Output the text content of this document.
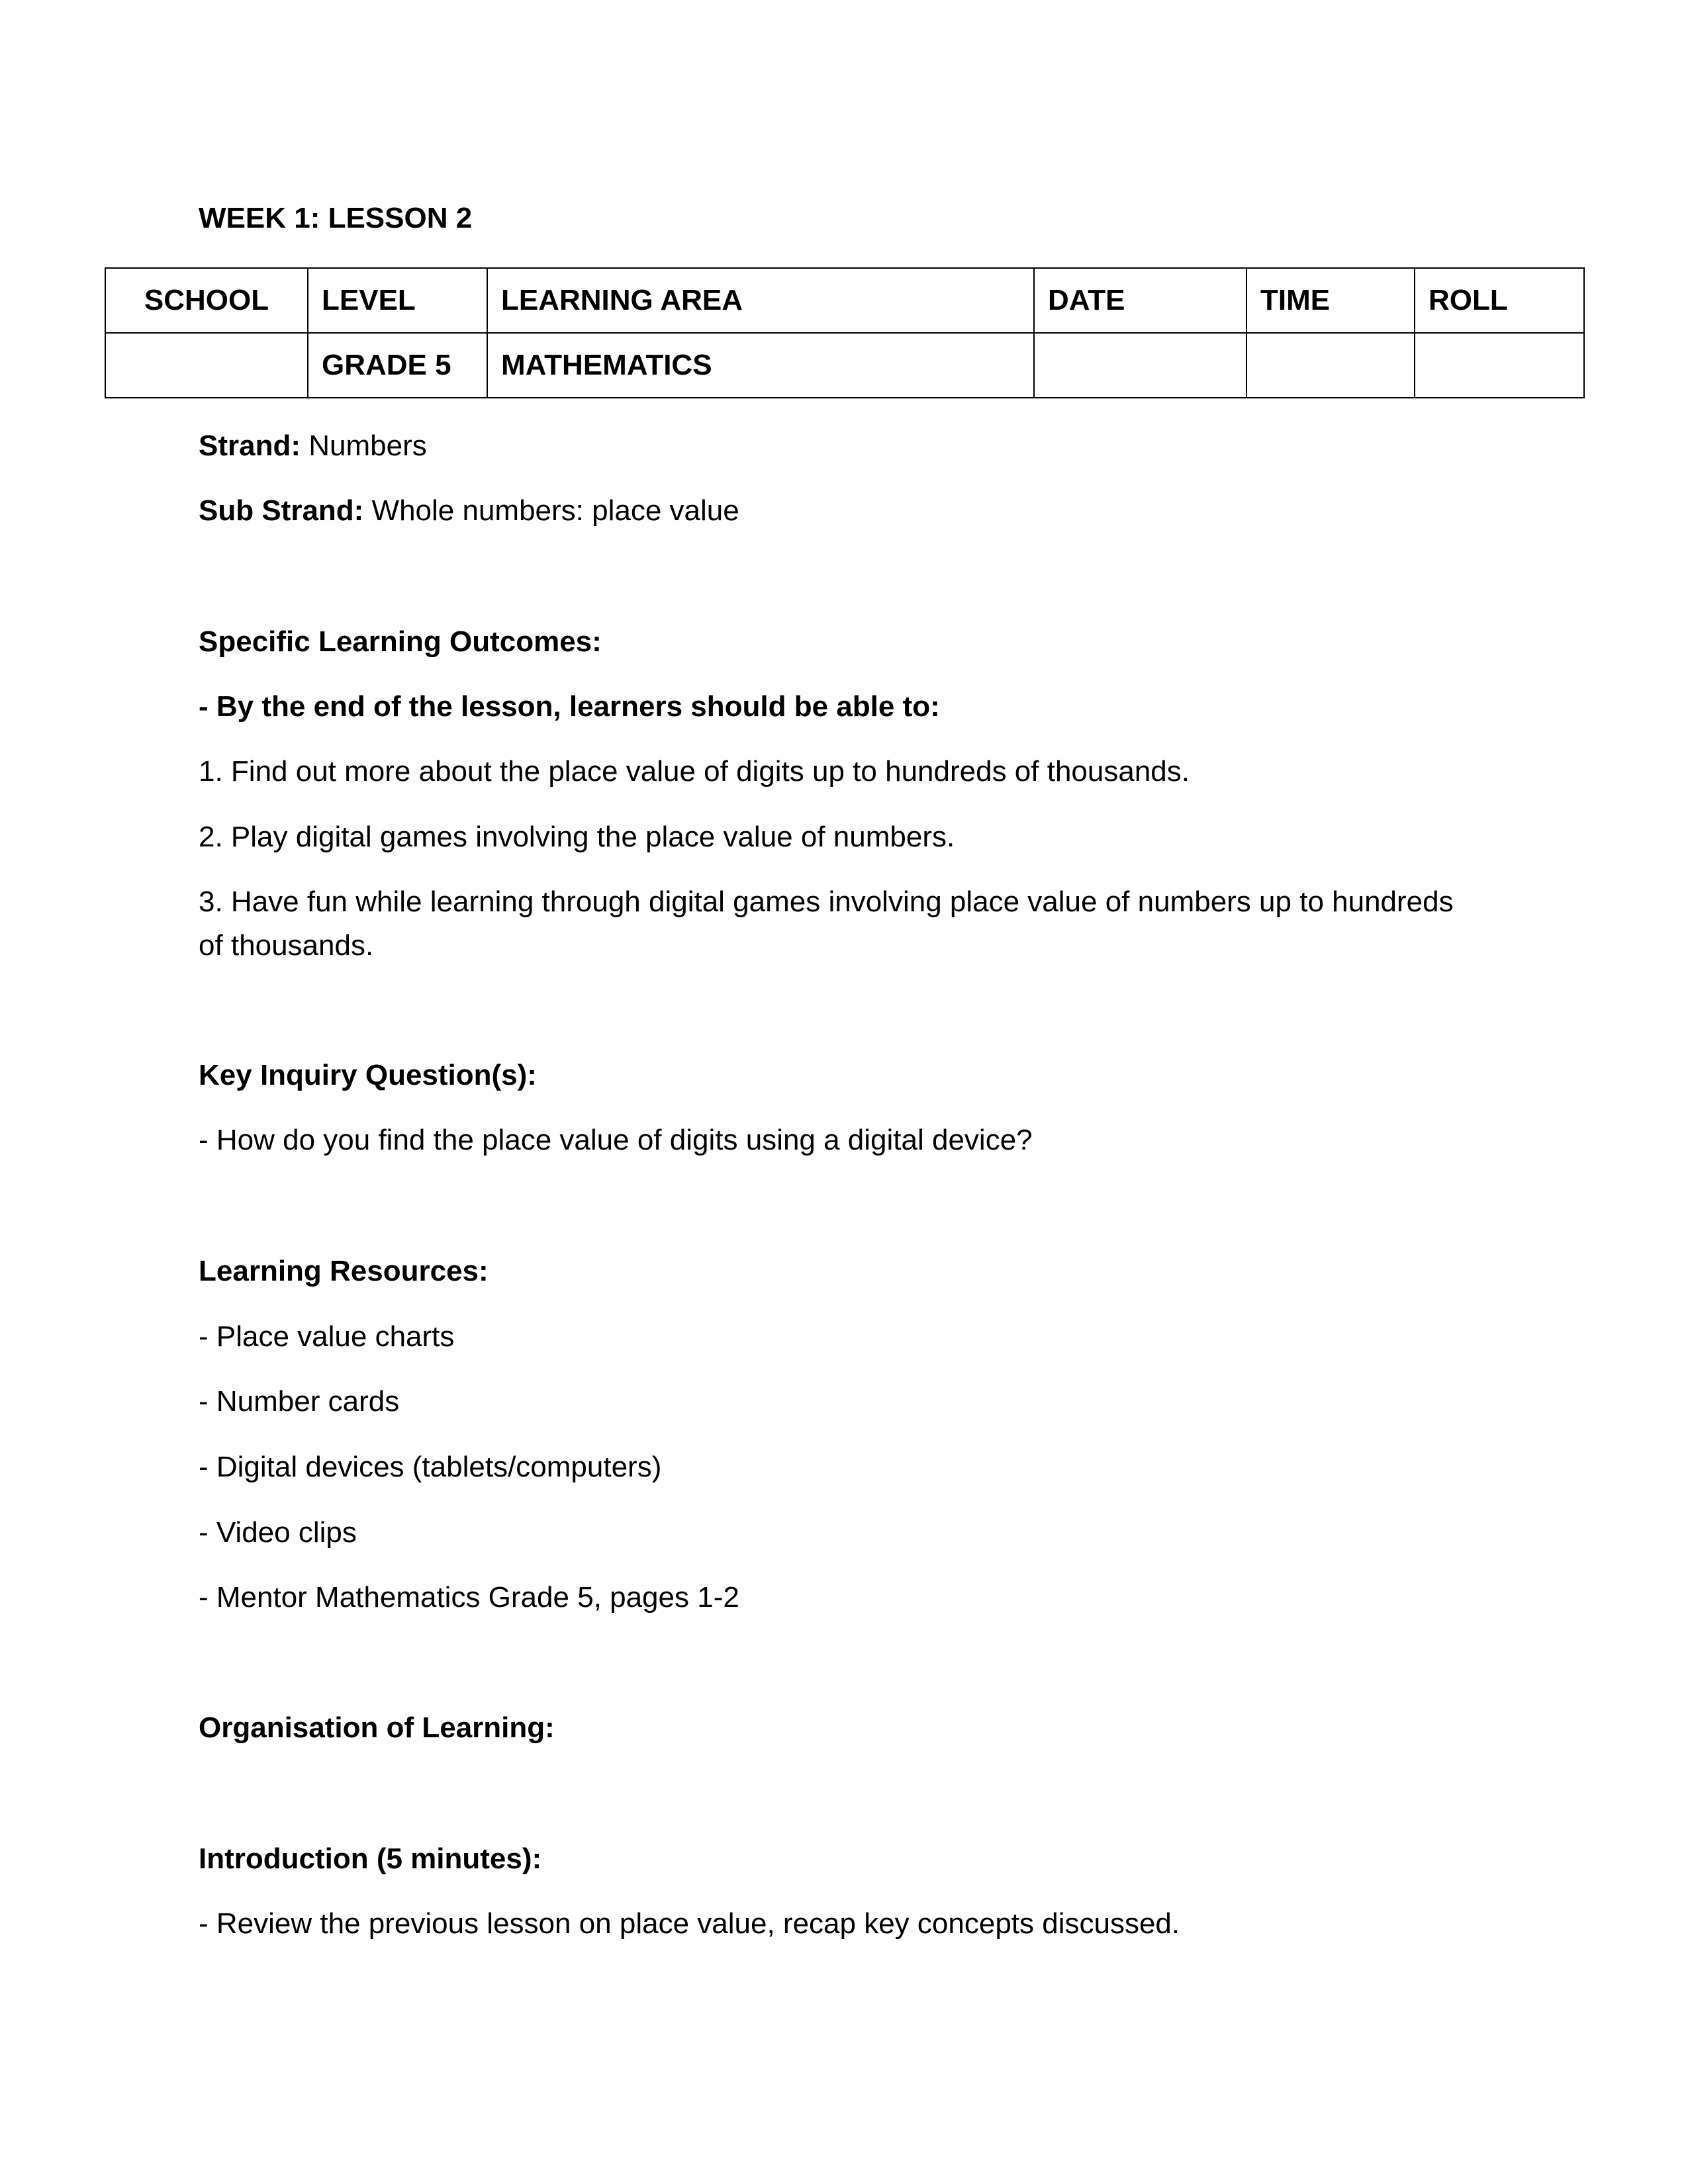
WEEK 1: LESSON 2
SCHOOL	LEVEL	LEARNING AREA	DATE	TIME	ROLL
	GRADE 5	MATHEMATICS			
Strand: Numbers
Sub Strand: Whole numbers: place value
Specific Learning Outcomes:
- By the end of the lesson, learners should be able to:
1. Find out more about the place value of digits up to hundreds of thousands.
2. Play digital games involving the place value of numbers.
3. Have fun while learning through digital games involving place value of numbers up to hundreds of thousands.
Key Inquiry Question(s):
- How do you find the place value of digits using a digital device?
Learning Resources:
- Place value charts
- Number cards
- Digital devices (tablets/computers)
- Video clips
- Mentor Mathematics Grade 5, pages 1-2
Organisation of Learning:
Introduction (5 minutes):
- Review the previous lesson on place value, recap key concepts discussed.
